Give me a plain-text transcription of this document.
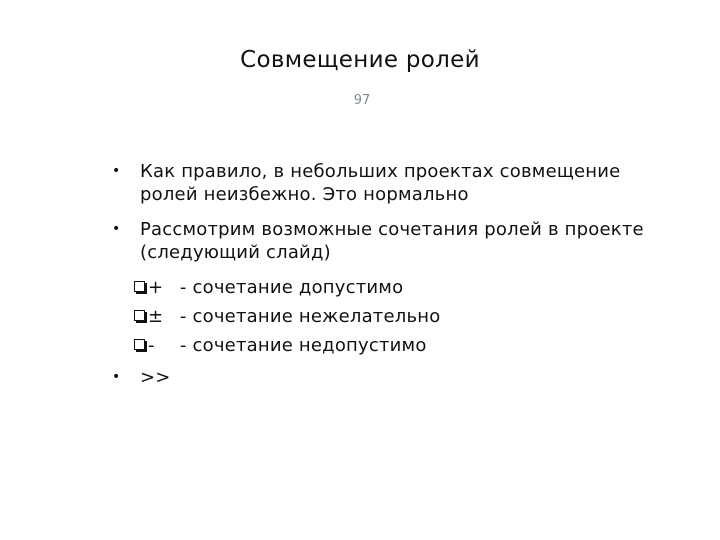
Совмещение ролей
97
• Как правило, в небольших проектах совмещение ролей неизбежно. Это нормально
• Рассмотрим возможные сочетания ролей в проекте (следующий слайд)
+ - сочетание допустимо
± - сочетание нежелательно
- - сочетание недопустимо
• >>
